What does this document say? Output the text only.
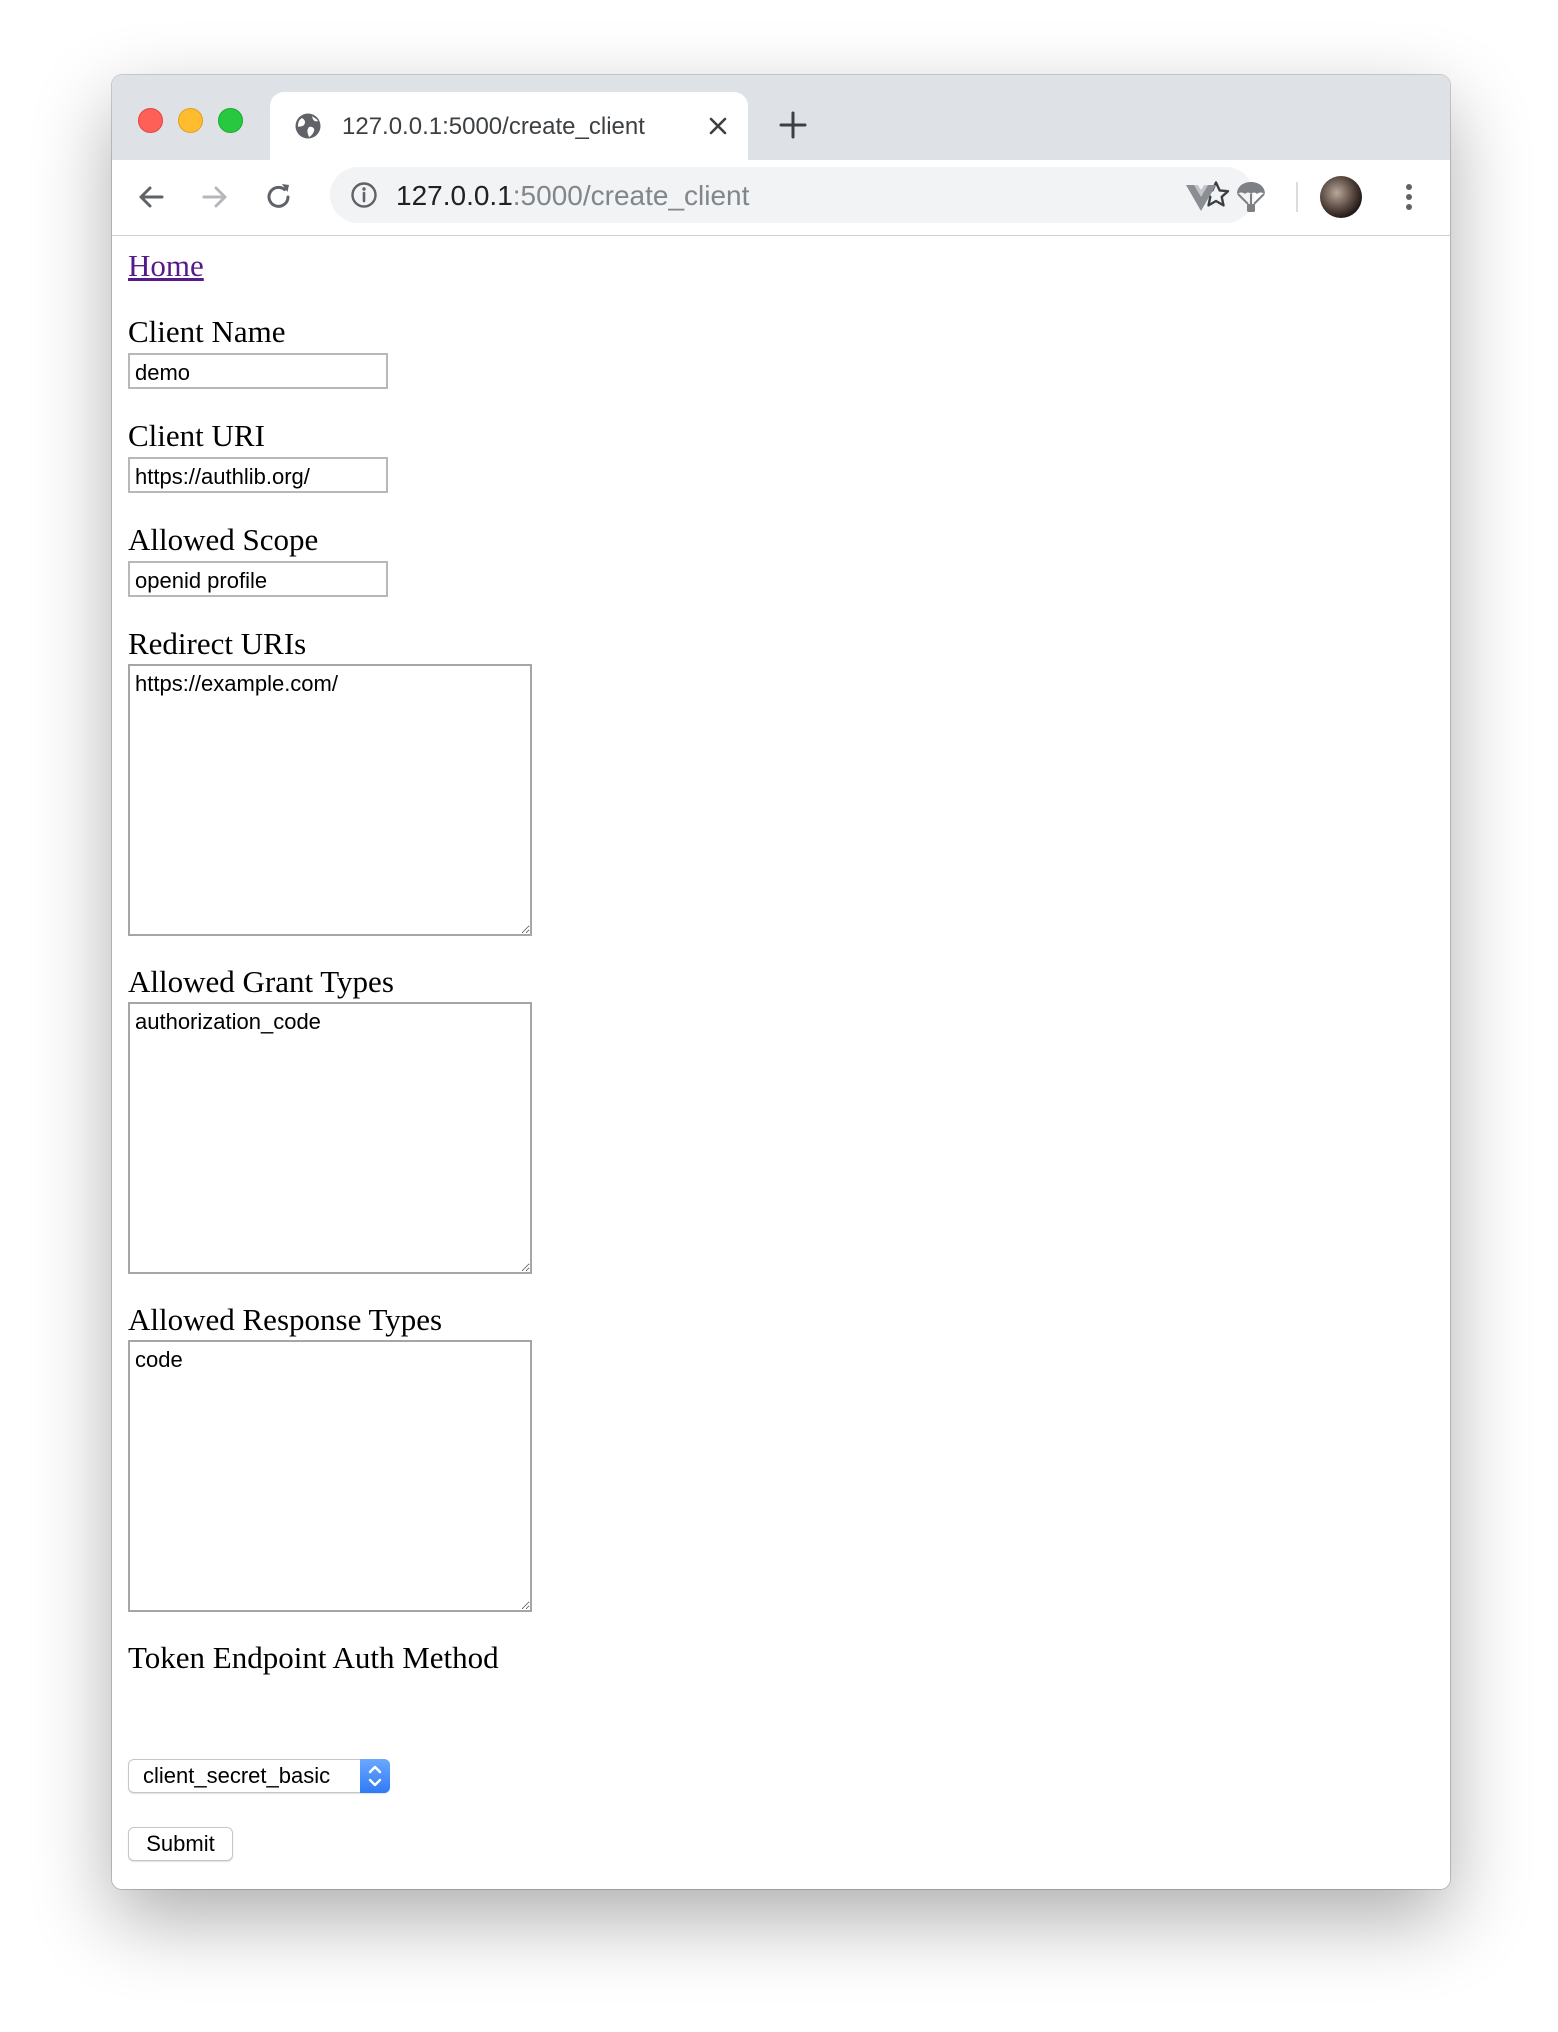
127.0.0.1:5000/create_client
127.0.0.1:5000/create_client
Home
Client Name
demo
Client URI
https://authlib.org/
Allowed Scope
openid profile
Redirect URIs
https://example.com/
Allowed Grant Types
authorization_code
Allowed Response Types
code
Token Endpoint Auth Method
client_secret_basic
Submit
